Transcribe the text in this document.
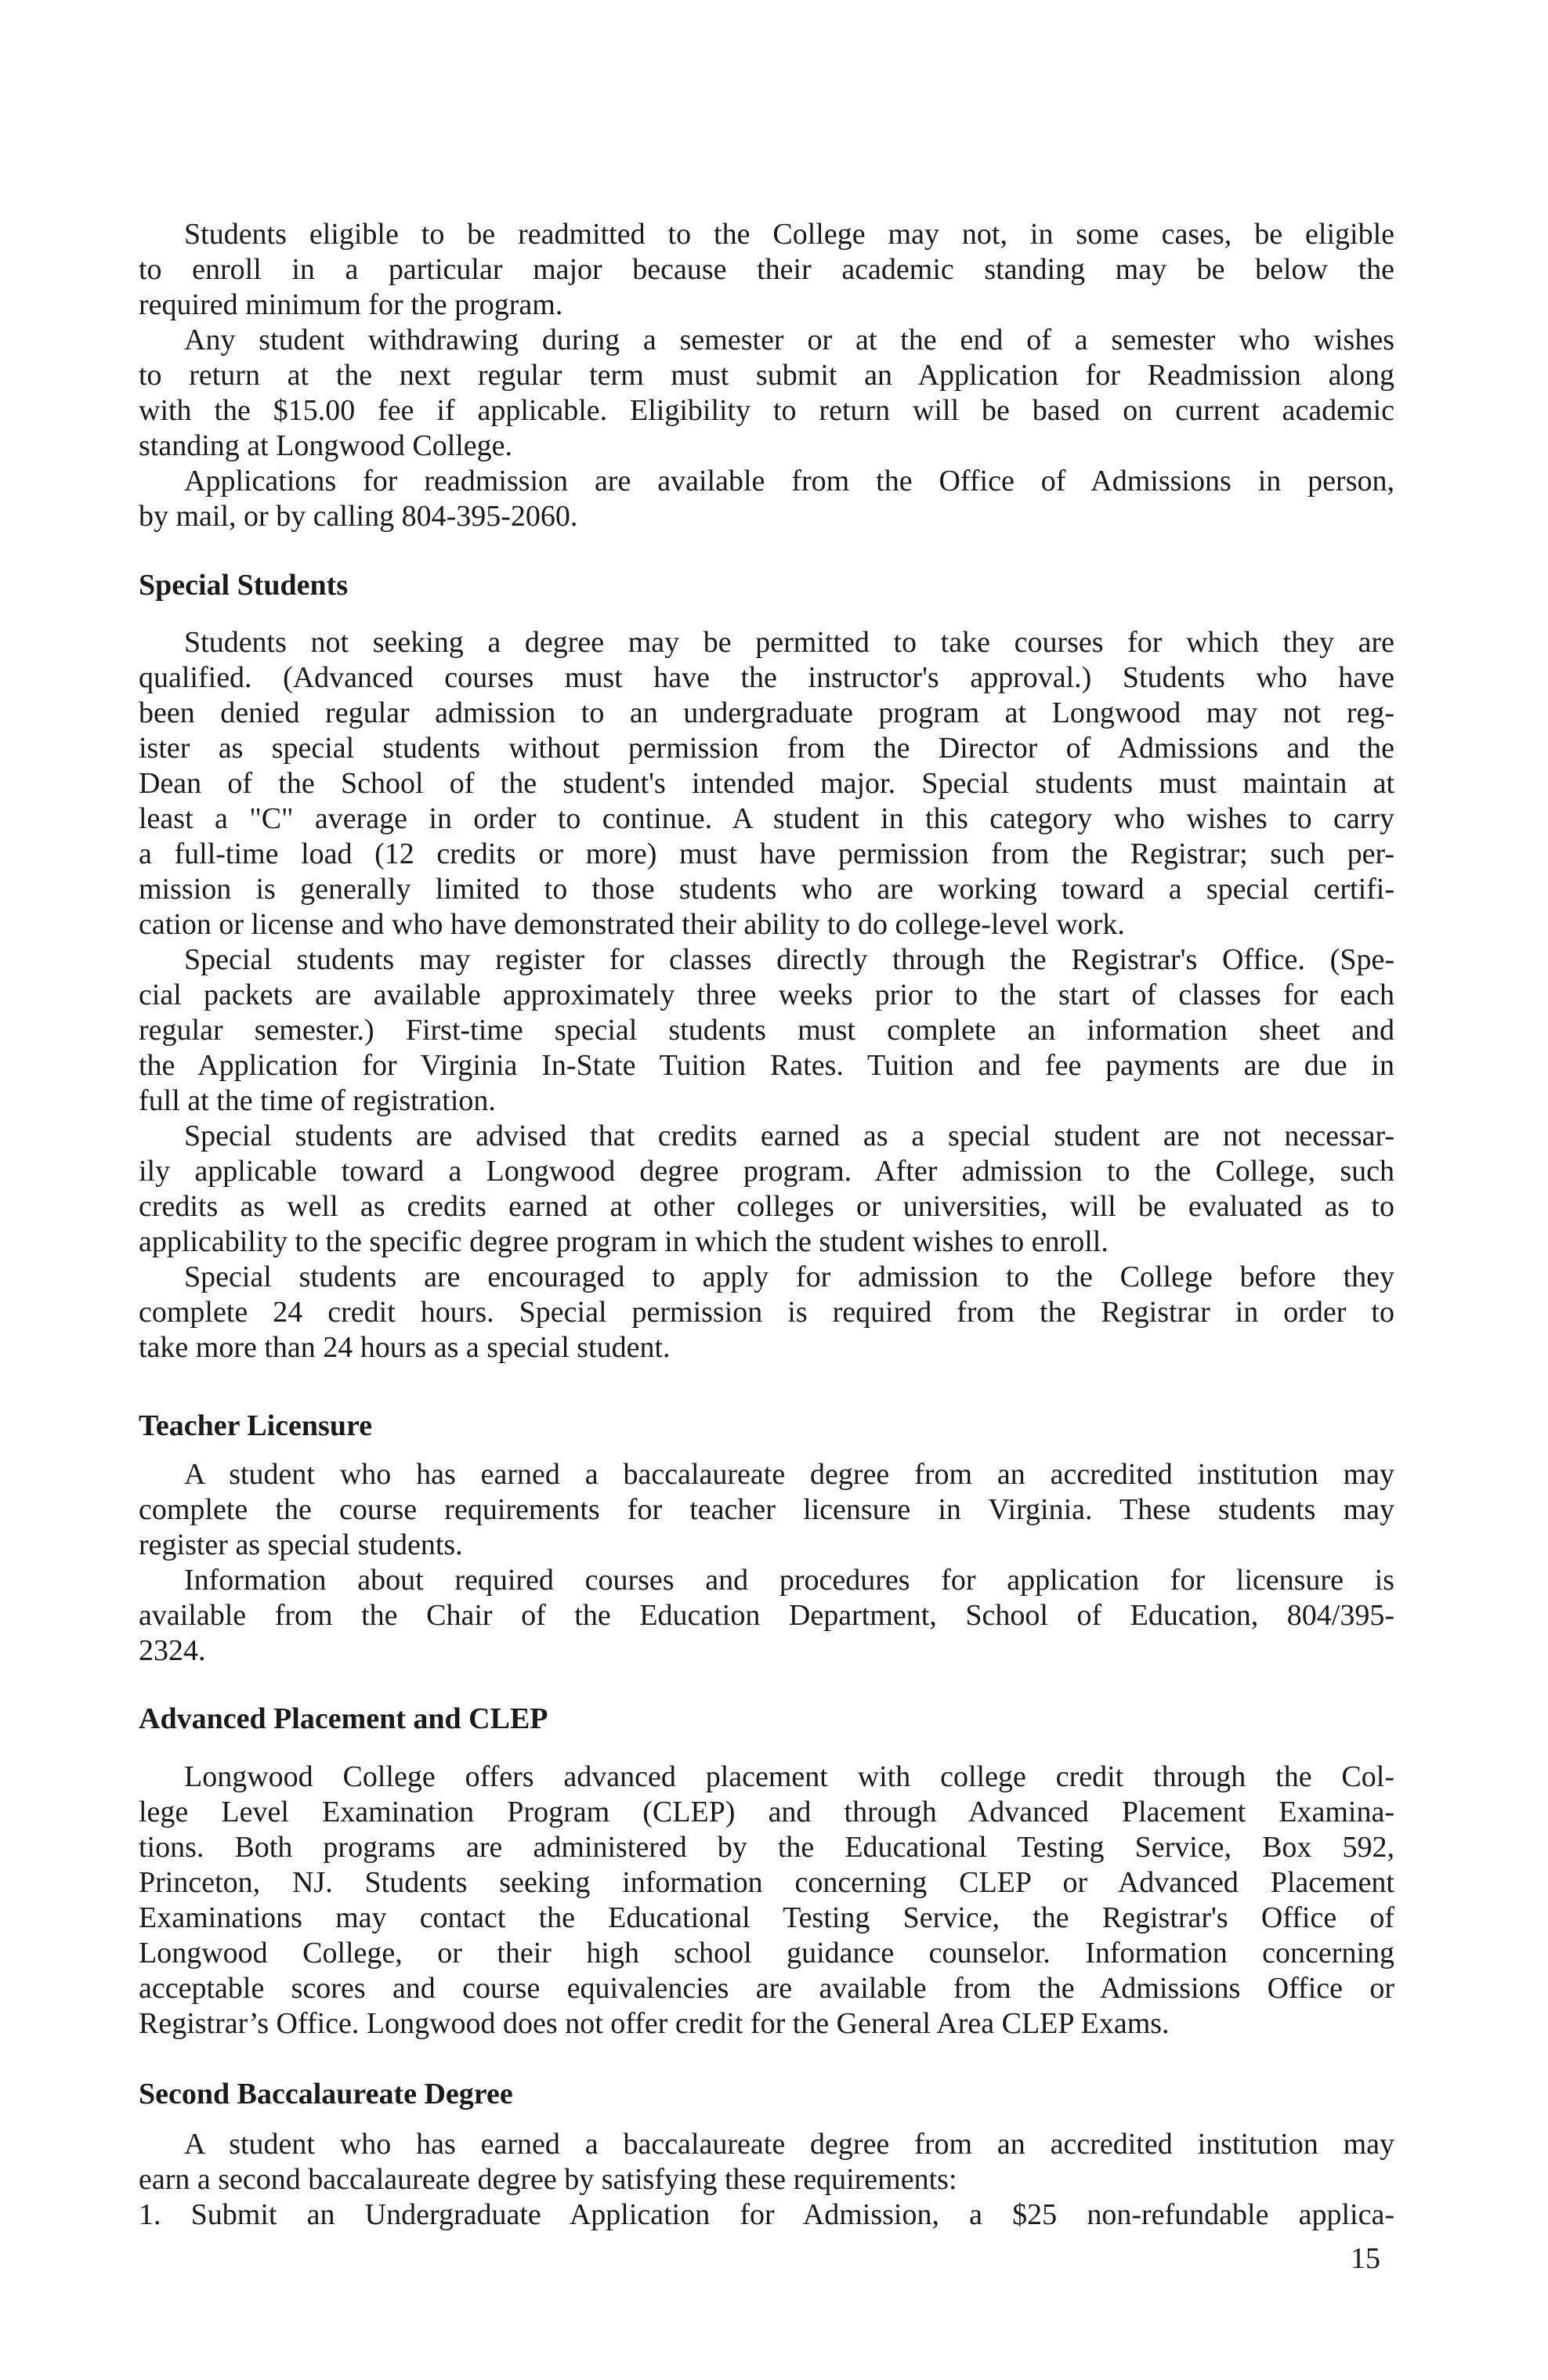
Students eligible to be readmitted to the College may not, in some cases, be eligible
to enroll in a particular major because their academic standing may be below the
required minimum for the program.
Any student withdrawing during a semester or at the end of a semester who wishes
to return at the next regular term must submit an Application for Readmission along
with the $15.00 fee if applicable. Eligibility to return will be based on current academic
standing at Longwood College.
Applications for readmission are available from the Office of Admissions in person,
by mail, or by calling 804-395-2060.
Special Students
Students not seeking a degree may be permitted to take courses for which they are
qualified. (Advanced courses must have the instructor's approval.) Students who have
been denied regular admission to an undergraduate program at Longwood may not reg-
ister as special students without permission from the Director of Admissions and the
Dean of the School of the student's intended major. Special students must maintain at
least a "C" average in order to continue. A student in this category who wishes to carry
a full-time load (12 credits or more) must have permission from the Registrar; such per-
mission is generally limited to those students who are working toward a special certifi-
cation or license and who have demonstrated their ability to do college-level work.
Special students may register for classes directly through the Registrar's Office. (Spe-
cial packets are available approximately three weeks prior to the start of classes for each
regular semester.) First-time special students must complete an information sheet and
the Application for Virginia In-State Tuition Rates. Tuition and fee payments are due in
full at the time of registration.
Special students are advised that credits earned as a special student are not necessar-
ily applicable toward a Longwood degree program. After admission to the College, such
credits as well as credits earned at other colleges or universities, will be evaluated as to
applicability to the specific degree program in which the student wishes to enroll.
Special students are encouraged to apply for admission to the College before they
complete 24 credit hours. Special permission is required from the Registrar in order to
take more than 24 hours as a special student.
Teacher Licensure
A student who has earned a baccalaureate degree from an accredited institution may
complete the course requirements for teacher licensure in Virginia. These students may
register as special students.
Information about required courses and procedures for application for licensure is
available from the Chair of the Education Department, School of Education, 804/395-
2324.
Advanced Placement and CLEP
Longwood College offers advanced placement with college credit through the Col-
lege Level Examination Program (CLEP) and through Advanced Placement Examina-
tions. Both programs are administered by the Educational Testing Service, Box 592,
Princeton, NJ. Students seeking information concerning CLEP or Advanced Placement
Examinations may contact the Educational Testing Service, the Registrar's Office of
Longwood College, or their high school guidance counselor. Information concerning
acceptable scores and course equivalencies are available from the Admissions Office or
Registrar’s Office. Longwood does not offer credit for the General Area CLEP Exams.
Second Baccalaureate Degree
A student who has earned a baccalaureate degree from an accredited institution may
earn a second baccalaureate degree by satisfying these requirements:
1. Submit an Undergraduate Application for Admission, a $25 non-refundable applica-
15
